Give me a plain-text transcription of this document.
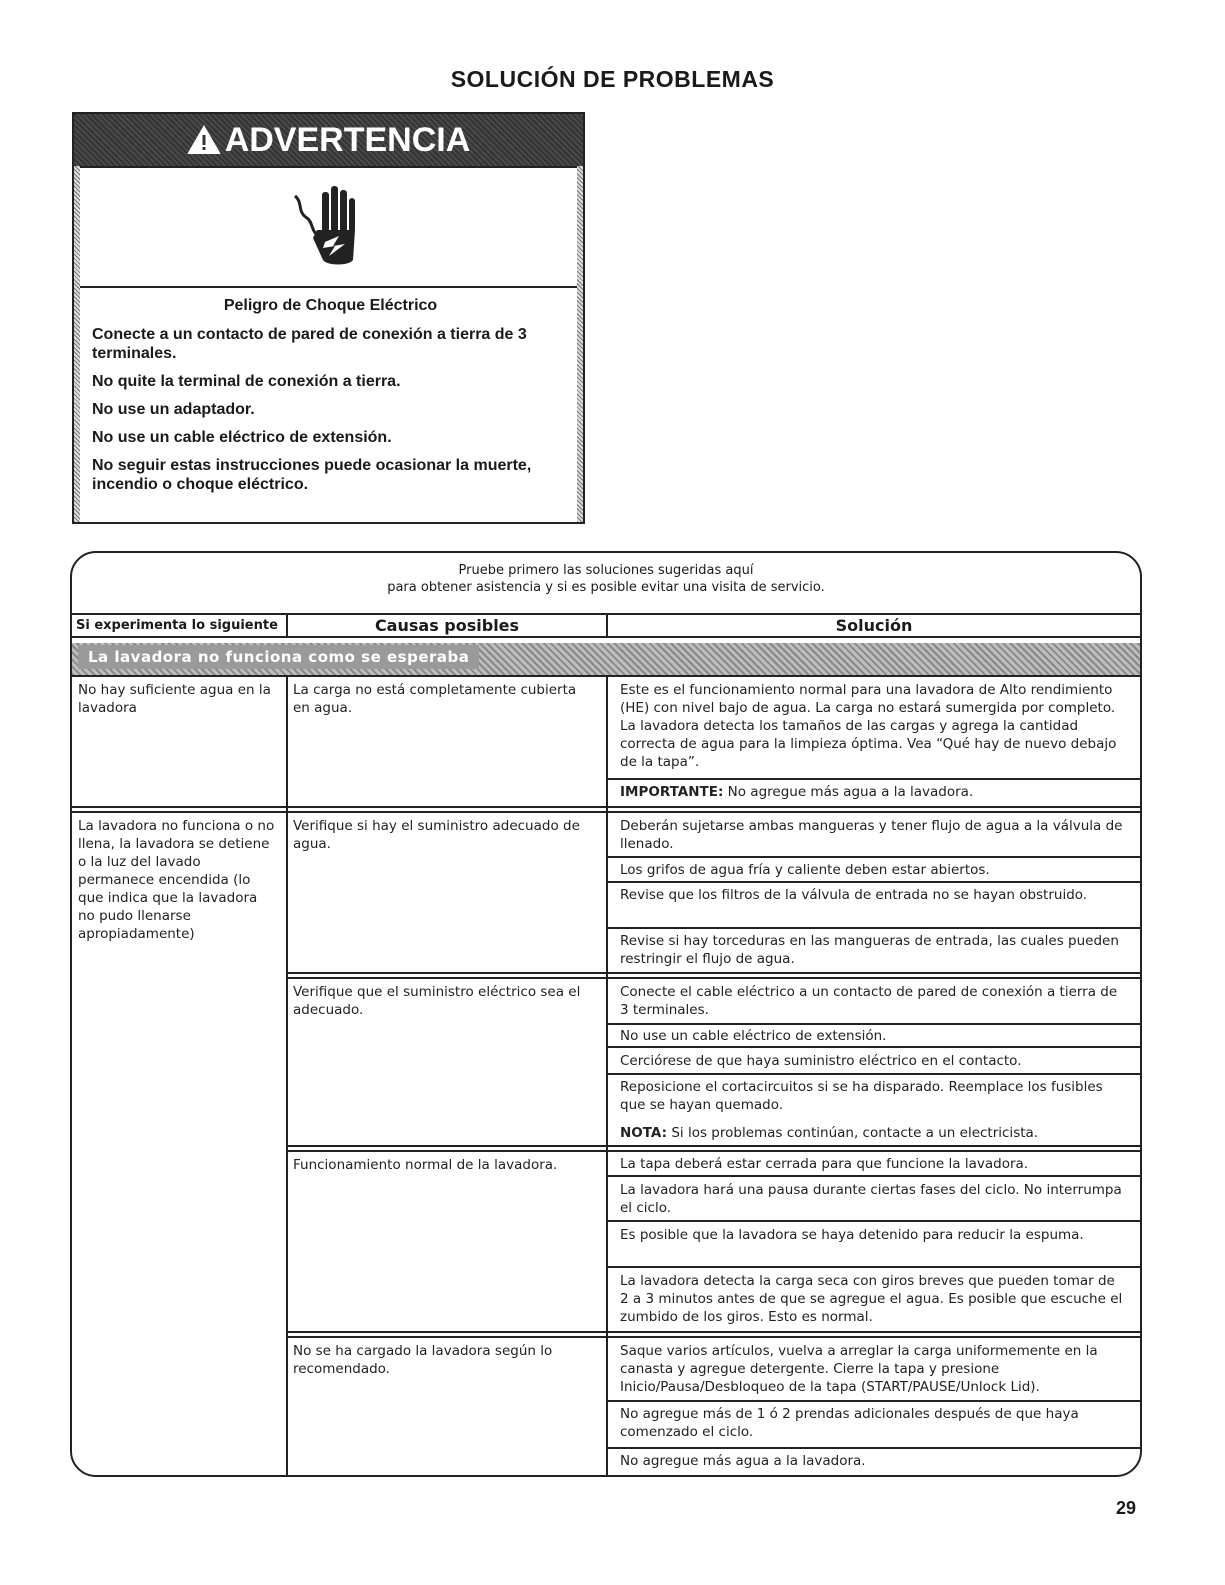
SOLUCIÓN DE PROBLEMAS
ADVERTENCIA
Peligro de Choque Eléctrico

Conecte a un contacto de pared de conexión a tierra de 3 terminales.

No quite la terminal de conexión a tierra.

No use un adaptador.

No use un cable eléctrico de extensión.

No seguir estas instrucciones puede ocasionar la muerte, incendio o choque eléctrico.

Pruebe primero las soluciones sugeridas aquí
para obtener asistencia y si es posible evitar una visita de servicio.
Si experimenta lo siguiente	Causas posibles	Solución
La lavadora no funciona como se esperaba
No hay suficiente agua en la lavadora
La lavadora no funciona o no llena, la lavadora se detiene o la luz del lavado permanece encendida (lo que indica que la lavadora no pudo llenarse apropiadamente)
La carga no está completamente cubierta en agua.
Verifique si hay el suministro adecuado de agua.
Verifique que el suministro eléctrico sea el adecuado.
Funcionamiento normal de la lavadora.
No se ha cargado la lavadora según lo recomendado.
Este es el funcionamiento normal para una lavadora de Alto rendimiento (HE) con nivel bajo de agua. La carga no estará sumergida por completo. La lavadora detecta los tamaños de las cargas y agrega la cantidad correcta de agua para la limpieza óptima. Vea “Qué hay de nuevo debajo de la tapa”.
IMPORTANTE: No agregue más agua a la lavadora.
Deberán sujetarse ambas mangueras y tener flujo de agua a la válvula de llenado.
Los grifos de agua fría y caliente deben estar abiertos.
Revise que los filtros de la válvula de entrada no se hayan obstruido.
Revise si hay torceduras en las mangueras de entrada, las cuales pueden restringir el flujo de agua.
Conecte el cable eléctrico a un contacto de pared de conexión a tierra de 3 terminales.
No use un cable eléctrico de extensión.
Cerciórese de que haya suministro eléctrico en el contacto.
Reposicione el cortacircuitos si se ha disparado. Reemplace los fusibles que se hayan quemado.
NOTA: Si los problemas continúan, contacte a un electricista.
La tapa deberá estar cerrada para que funcione la lavadora.
La lavadora hará una pausa durante ciertas fases del ciclo. No interrumpa el ciclo.
Es posible que la lavadora se haya detenido para reducir la espuma.
La lavadora detecta la carga seca con giros breves que pueden tomar de 2 a 3 minutos antes de que se agregue el agua. Es posible que escuche el zumbido de los giros. Esto es normal.
Saque varios artículos, vuelva a arreglar la carga uniformemente en la canasta y agregue detergente. Cierre la tapa y presione Inicio/Pausa/Desbloqueo de la tapa (START/PAUSE/Unlock Lid).
No agregue más de 1 ó 2 prendas adicionales después de que haya comenzado el ciclo.
No agregue más agua a la lavadora.
29
